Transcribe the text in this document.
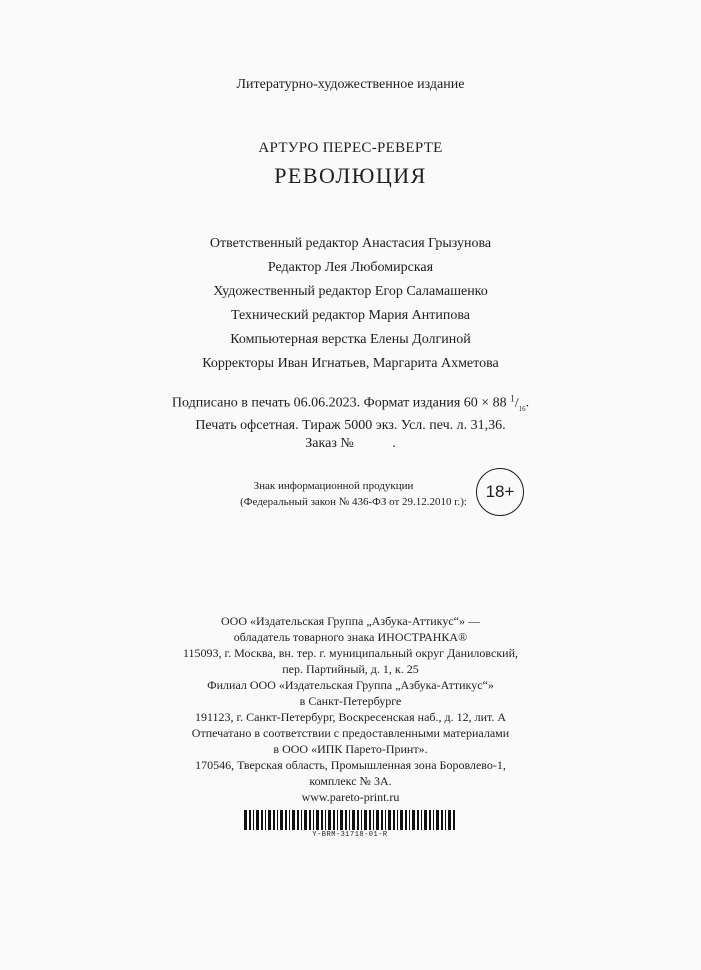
Литературно-художественное издание
АРТУРО ПЕРЕС-РЕВЕРТЕ
РЕВОЛЮЦИЯ
Ответственный редактор Анастасия Грызунова
Редактор Лея Любомирская
Художественный редактор Егор Саламашенко
Технический редактор Мария Антипова
Компьютерная верстка Елены Долгиной
Корректоры Иван Игнатьев, Маргарита Ахметова
Подписано в печать 06.06.2023. Формат издания 60 × 88 $^1/_{16}$.
Печать офсетная. Тираж 5000 экз. Усл. печ. л. 31,36.
Заказ №           .
Знак информационной продукции
(Федеральный закон № 436-ФЗ от 29.12.2010 г.):
18+
ООО «Издательская Группа „Азбука-Аттикус“» —
обладатель товарного знака ИНОСТРАНКА®
115093, г. Москва, вн. тер. г. муниципальный округ Даниловский,
пер. Партийный, д. 1, к. 25
Филиал ООО «Издательская Группа „Азбука-Аттикус“»
в Санкт-Петербурге
191123, г. Санкт-Петербург, Воскресенская наб., д. 12, лит. А
Отпечатано в соответствии с предоставленными материалами
в ООО «ИПК Парето-Принт».
170546, Тверская область, Промышленная зона Боровлево-1,
комплекс № 3А.
www.pareto-print.ru
Y-BRM-31718-01-R
